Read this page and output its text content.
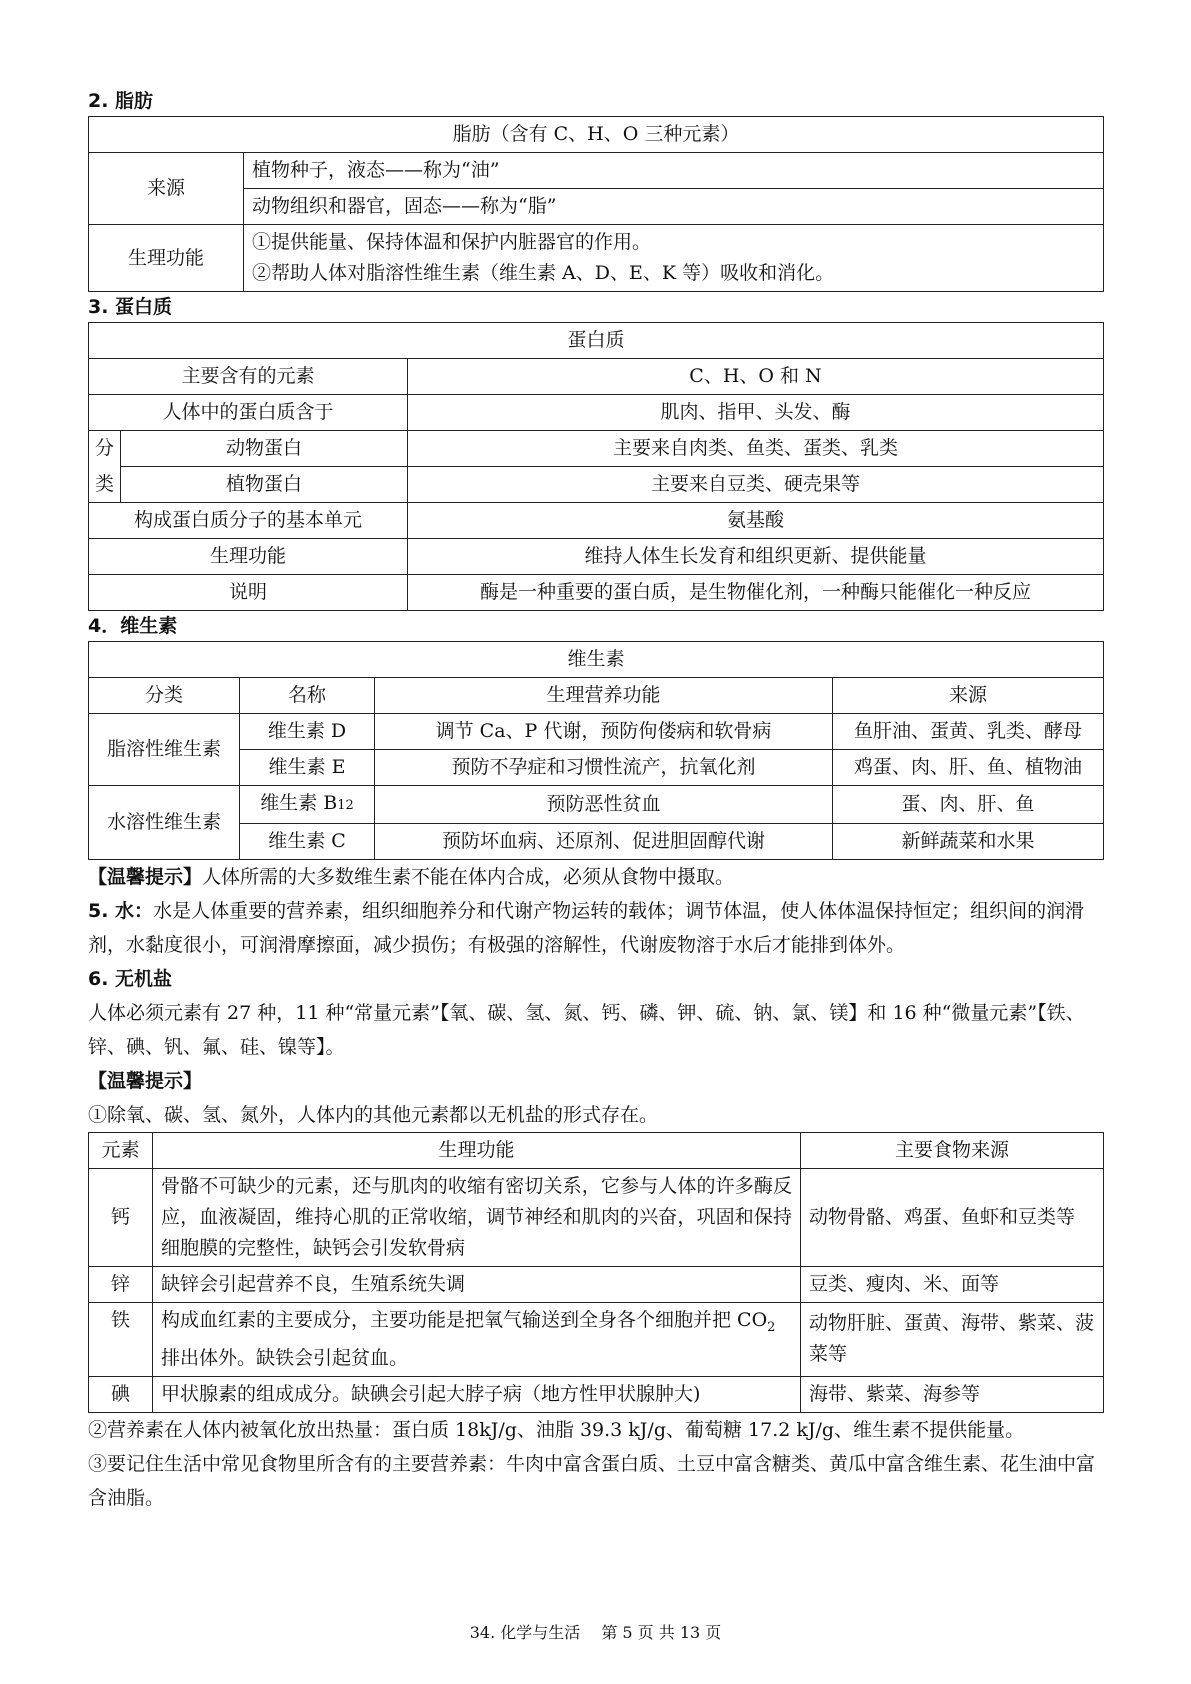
2. 脂肪

脂肪（含有 C、H、O 三种元素）	
来源	植物种子，液态——称为“油”
	动物组织和器官，固态——称为“脂”
生理功能	①提供能量、保持体温和保护内脏器官的作用。
②帮助人体对脂溶性维生素（维生素 A、D、E、K 等）吸收和消化。

3. 蛋白质

蛋白质		
主要含有的元素		C、H、O 和 N
人体中的蛋白质含于		肌肉、指甲、头发、酶
分	动物蛋白	主要来自肉类、鱼类、蛋类、乳类
类	植物蛋白	主要来自豆类、硬壳果等
构成蛋白质分子的基本单元		氨基酸
生理功能		维持人体生长发育和组织更新、提供能量
说明		酶是一种重要的蛋白质，是生物催化剂，一种酶只能催化一种反应

4．维生素

维生素			
分类	名称	生理营养功能	来源
脂溶性维生素	维生素 D	调节 Ca、P 代谢，预防佝偻病和软骨病	鱼肝油、蛋黄、乳类、酵母
	维生素 E	预防不孕症和习惯性流产，抗氧化剂	鸡蛋、肉、肝、鱼、植物油
水溶性维生素	维生素 B12	预防恶性贫血	蛋、肉、肝、鱼
	维生素 C	预防坏血病、还原剂、促进胆固醇代谢	新鲜蔬菜和水果

【温馨提示】人体所需的大多数维生素不能在体内合成，必须从食物中摄取。

5. 水：水是人体重要的营养素，组织细胞养分和代谢产物运转的载体；调节体温，使人体体温保持恒定；组织间的润滑剂，水黏度很小，可润滑摩擦面，减少损伤；有极强的溶解性，代谢废物溶于水后才能排到体外。

6. 无机盐

人体必须元素有 27 种，11 种“常量元素”【氧、碳、氢、氮、钙、磷、钾、硫、钠、氯、镁】和 16 种“微量元素”【铁、锌、碘、钒、氟、硅、镍等】。

【温馨提示】

①除氧、碳、氢、氮外，人体内的其他元素都以无机盐的形式存在。

元素	生理功能	主要食物来源
钙	骨骼不可缺少的元素，还与肌肉的收缩有密切关系，它参与人体的许多酶反应，血液凝固，维持心肌的正常收缩，调节神经和肌肉的兴奋，巩固和保持细胞膜的完整性，缺钙会引发软骨病	动物骨骼、鸡蛋、鱼虾和豆类等
锌	缺锌会引起营养不良，生殖系统失调	豆类、瘦肉、米、面等
铁	构成血红素的主要成分，主要功能是把氧气输送到全身各个细胞并把 $CO_2$ 排出体外。缺铁会引起贫血。	动物肝脏、蛋黄、海带、紫菜、菠菜等
碘	甲状腺素的组成成分。缺碘会引起大脖子病（地方性甲状腺肿大)	海带、紫菜、海参等

②营养素在人体内被氧化放出热量：蛋白质 18kJ/g、油脂 39.3 kJ/g、葡萄糖 17.2 kJ/g、维生素不提供能量。

③要记住生活中常见食物里所含有的主要营养素：牛肉中富含蛋白质、土豆中富含糖类、黄瓜中富含维生素、花生油中富含油脂。

34. 化学与生活　 第 5 页 共 13 页
